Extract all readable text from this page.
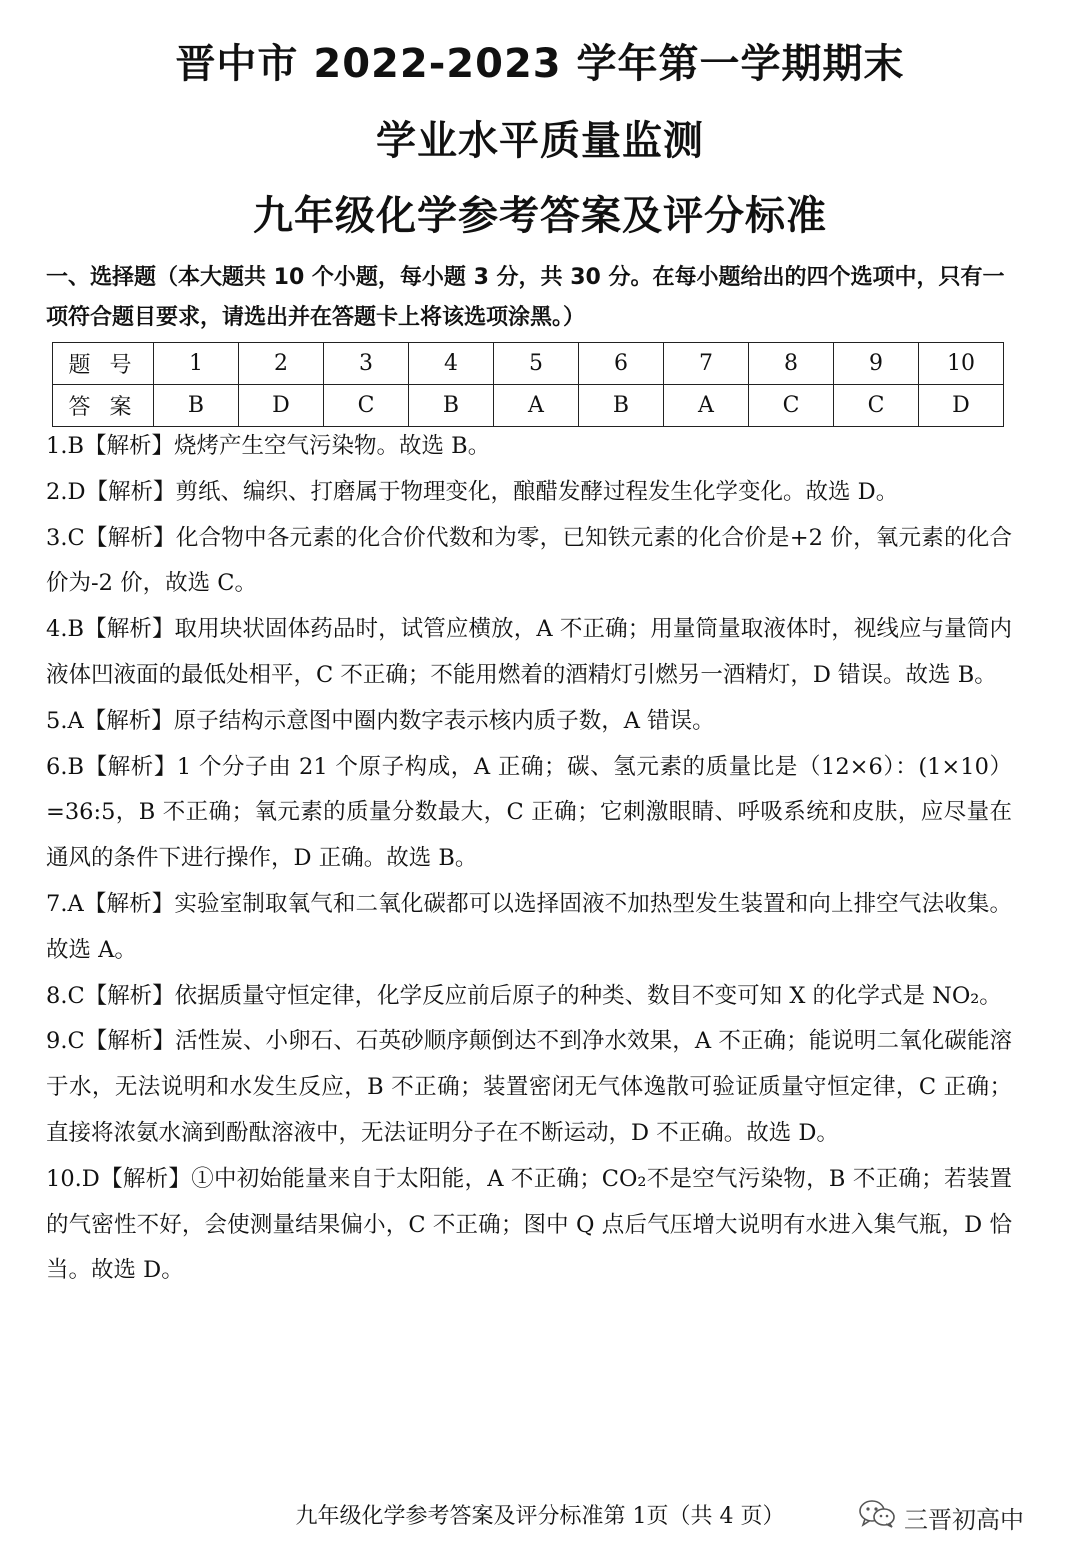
晋中市 2022-2023 学年第一学期期末
学业水平质量监测
九年级化学参考答案及评分标准
一、选择题（本大题共 10 个小题，每小题 3 分，共 30 分。在每小题给出的四个选项中，只有一项符合题目要求，请选出并在答题卡上将该选项涂黑。）
题 号	1	2	3	4	5	6	7	8	9	10
答 案	B	D	C	B	A	B	A	C	C	D

1.B【解析】烧烤产生空气污染物。故选 B。

2.D【解析】剪纸、编织、打磨属于物理变化，酿醋发酵过程发生化学变化。故选 D。

3.C【解析】化合物中各元素的化合价代数和为零，已知铁元素的化合价是+2 价，氧元素的化合价为-2 价，故选 C。

4.B【解析】取用块状固体药品时，试管应横放，A 不正确；用量筒量取液体时，视线应与量筒内液体凹液面的最低处相平，C 不正确；不能用燃着的酒精灯引燃另一酒精灯，D 错误。故选 B。

5.A【解析】原子结构示意图中圈内数字表示核内质子数，A 错误。

6.B【解析】1 个分子由 21 个原子构成，A 正确；碳、氢元素的质量比是（12×6）：(1×10）=36:5，B 不正确；氧元素的质量分数最大，C 正确；它刺激眼睛、呼吸系统和皮肤，应尽量在通风的条件下进行操作，D 正确。故选 B。

7.A【解析】实验室制取氧气和二氧化碳都可以选择固液不加热型发生装置和向上排空气法收集。故选 A。

8.C【解析】依据质量守恒定律，化学反应前后原子的种类、数目不变可知 X 的化学式是 NO₂。

9.C【解析】活性炭、小卵石、石英砂顺序颠倒达不到净水效果，A 不正确；能说明二氧化碳能溶于水，无法说明和水发生反应，B 不正确；装置密闭无气体逸散可验证质量守恒定律，C 正确；直接将浓氨水滴到酚酞溶液中，无法证明分子在不断运动，D 不正确。故选 D。

10.D【解析】①中初始能量来自于太阳能，A 不正确；CO₂不是空气污染物，B 不正确；若装置的气密性不好，会使测量结果偏小，C 不正确；图中 Q 点后气压增大说明有水进入集气瓶，D 恰当。故选 D。

九年级化学参考答案及评分标准第 1页（共 4 页）	三晋初高中
